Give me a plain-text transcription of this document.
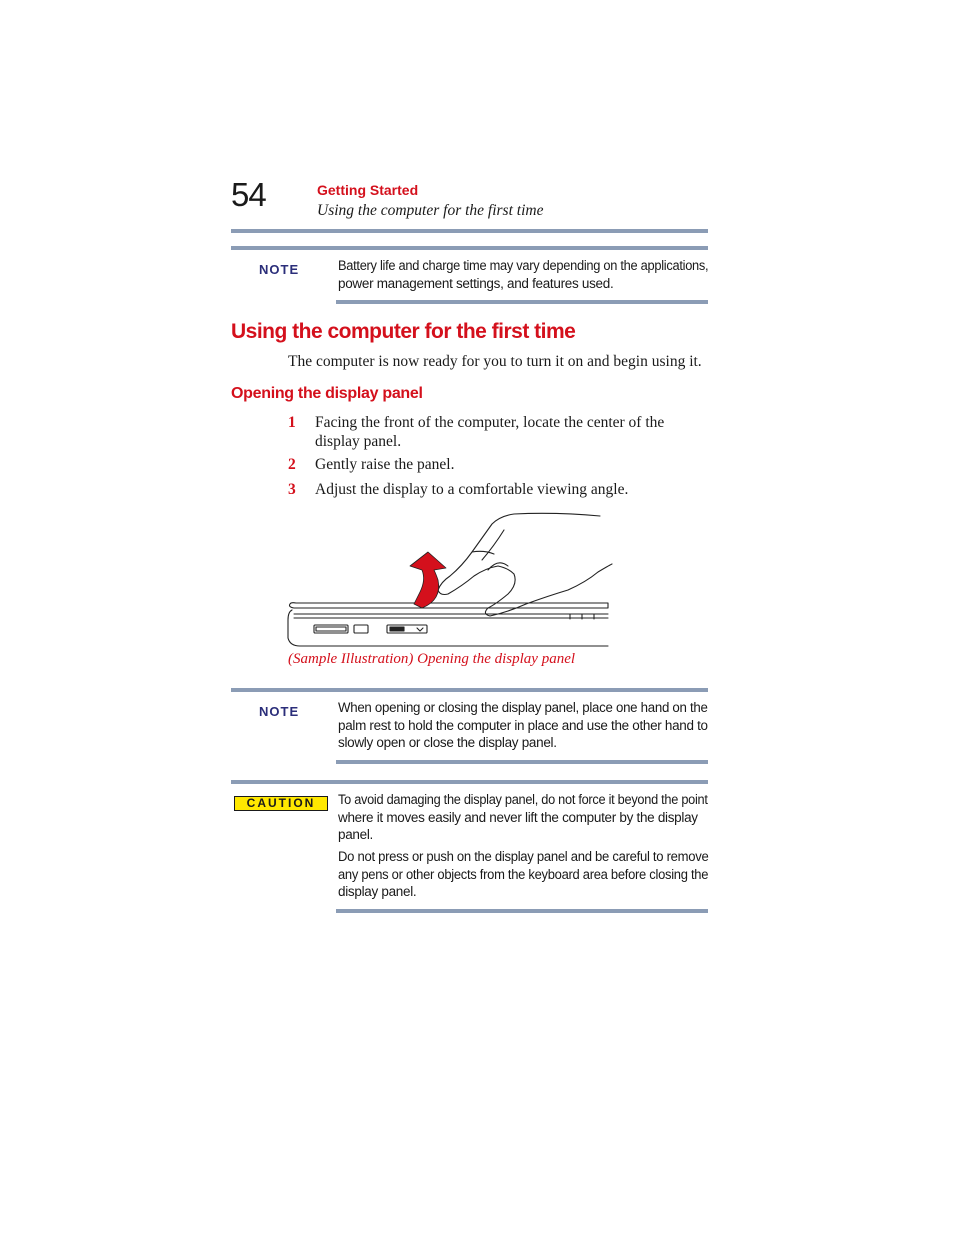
54	Getting Started
Using the computer for the first time
NOTE	Battery life and charge time may vary depending on the applications,
power management settings, and features used.
Using the computer for the first time
The computer is now ready for you to turn it on and begin using it.
Opening the display panel
1 Facing the front of the computer, locate the center of the
display panel.
2 Gently raise the panel.
3 Adjust the display to a comfortable viewing angle.
(Sample Illustration) Opening the display panel
NOTE	When opening or closing the display panel, place one hand on the
palm rest to hold the computer in place and use the other hand to
slowly open or close the display panel.
CAUTION	To avoid damaging the display panel, do not force it beyond the point
where it moves easily and never lift the computer by the display
panel.
Do not press or push on the display panel and be careful to remove
any pens or other objects from the keyboard area before closing the
display panel.
